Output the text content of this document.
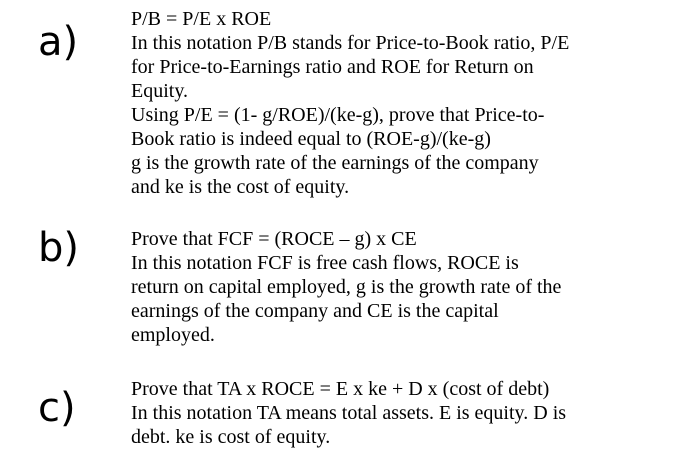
a)	P/B = P/E x ROE
In this notation P/B stands for Price-to-Book ratio, P/E
for Price-to-Earnings ratio and ROE for Return on
Equity.
Using P/E = (1- g/ROE)/(ke-g), prove that Price-to-
Book ratio is indeed equal to (ROE-g)/(ke-g)
g is the growth rate of the earnings of the company
and ke is the cost of equity.
b)	Prove that FCF = (ROCE – g) x CE
In this notation FCF is free cash flows, ROCE is
return on capital employed, g is the growth rate of the
earnings of the company and CE is the capital
employed.
c)	Prove that TA x ROCE = E x ke + D x (cost of debt)
In this notation TA means total assets. E is equity. D is
debt. ke is cost of equity.
